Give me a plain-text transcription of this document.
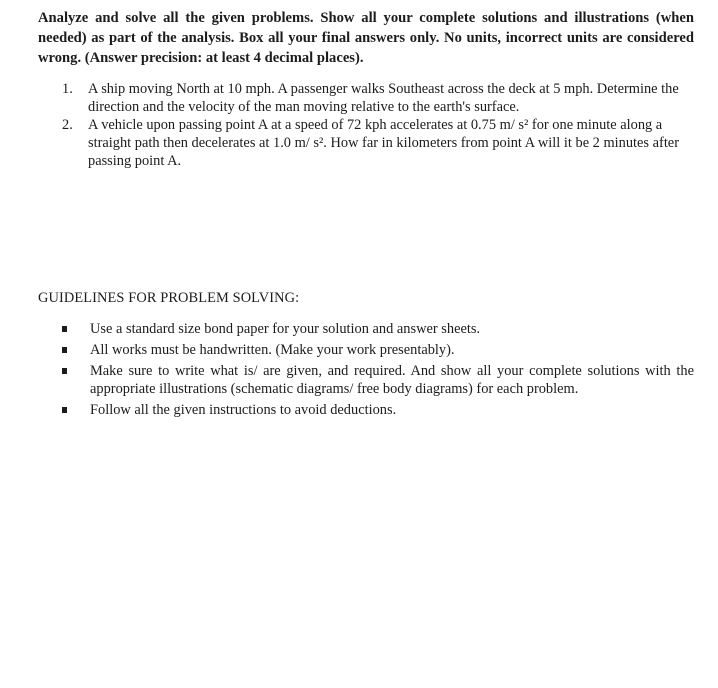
Analyze and solve all the given problems. Show all your complete solutions and illustrations (when needed) as part of the analysis. Box all your final answers only. No units, incorrect units are considered wrong. (Answer precision: at least 4 decimal places).

1. A ship moving North at 10 mph. A passenger walks Southeast across the deck at 5 mph. Determine the direction and the velocity of the man moving relative to the earth's surface.
2. A vehicle upon passing point A at a speed of 72 kph accelerates at 0.75 m/ s² for one minute along a straight path then decelerates at 1.0 m/ s². How far in kilometers from point A will it be 2 minutes after passing point A.
GUIDELINES FOR PROBLEM SOLVING:
Use a standard size bond paper for your solution and answer sheets.
All works must be handwritten. (Make your work presentably).
Make sure to write what is/ are given, and required. And show all your complete solutions with the appropriate illustrations (schematic diagrams/ free body diagrams) for each problem.
Follow all the given instructions to avoid deductions.
